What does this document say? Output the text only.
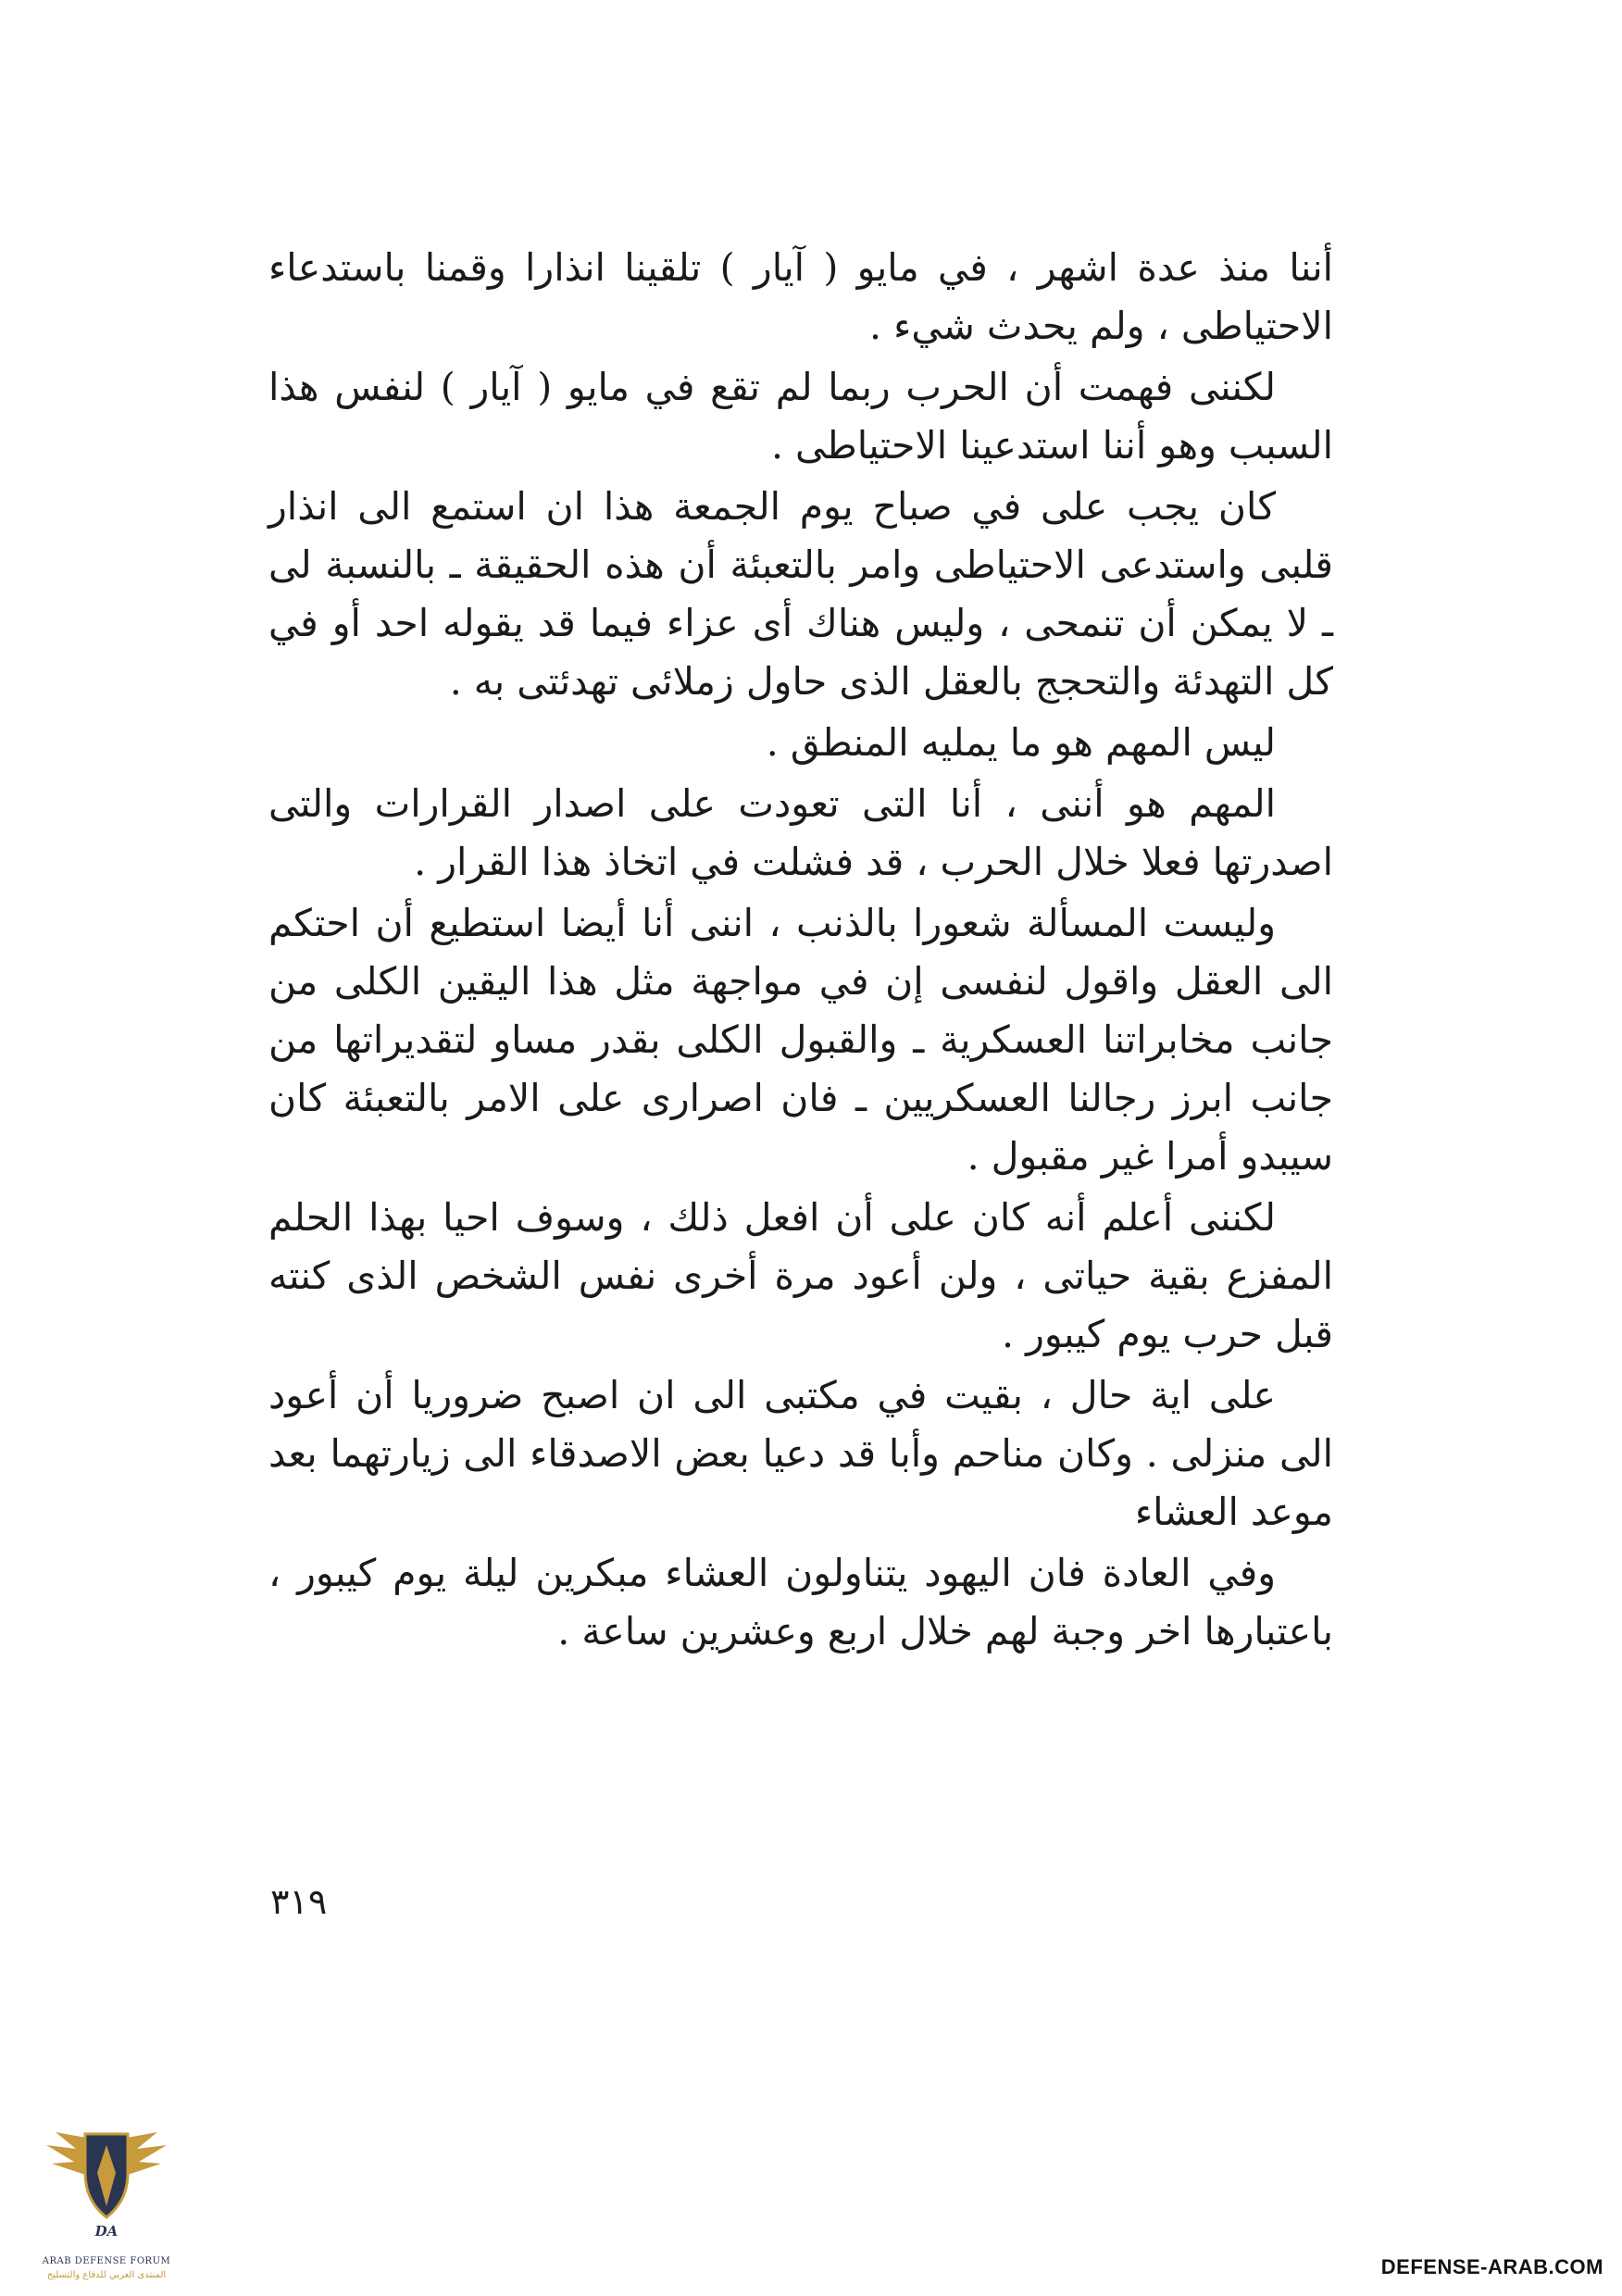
أننا منذ عدة اشهر ، في مايو ( آيار ) تلقينا انذارا وقمنا باستدعاء الاحتياطى ، ولم يحدث شيء .

لكننى فهمت أن الحرب ربما لم تقع في مايو ( آيار ) لنفس هذا السبب وهو أننا استدعينا الاحتياطى .

كان يجب على في صباح يوم الجمعة هذا ان استمع الى انذار قلبى واستدعى الاحتياطى وامر بالتعبئة أن هذه الحقيقة ـ بالنسبة لى ـ لا يمكن أن تنمحى ، وليس هناك أى عزاء فيما قد يقوله احد أو في كل التهدئة والتحجج بالعقل الذى حاول زملائى تهدئتى به .

ليس المهم هو ما يمليه المنطق .

المهم هو أننى ، أنا التى تعودت على اصدار القرارات والتى اصدرتها فعلا خلال الحرب ، قد فشلت في اتخاذ هذا القرار .

وليست المسألة شعورا بالذنب ، اننى أنا أيضا استطيع أن احتكم الى العقل واقول لنفسى إن في مواجهة مثل هذا اليقين الكلى من جانب مخابراتنا العسكرية ـ والقبول الكلى بقدر مساو لتقديراتها من جانب ابرز رجالنا العسكريين ـ فان اصرارى على الامر بالتعبئة كان سيبدو أمرا غير مقبول .

لكننى أعلم أنه كان على أن افعل ذلك ، وسوف احيا بهذا الحلم المفزع بقية حياتى ، ولن أعود مرة أخرى نفس الشخص الذى كنته قبل حرب يوم كيبور .

على اية حال ، بقيت في مكتبى الى ان اصبح ضروريا أن أعود الى منزلى . وكان مناحم وأبا قد دعيا بعض الاصدقاء الى زيارتهما بعد موعد العشاء

وفي العادة فان اليهود يتناولون العشاء مبكرين ليلة يوم كيبور ، باعتبارها اخر وجبة لهم خلال اربع وعشرين ساعة .

٣١٩
DA
ARAB DEFENSE FORUM
المنتدى العربي للدفاع والتسليح	DEFENSE-ARAB.COM
